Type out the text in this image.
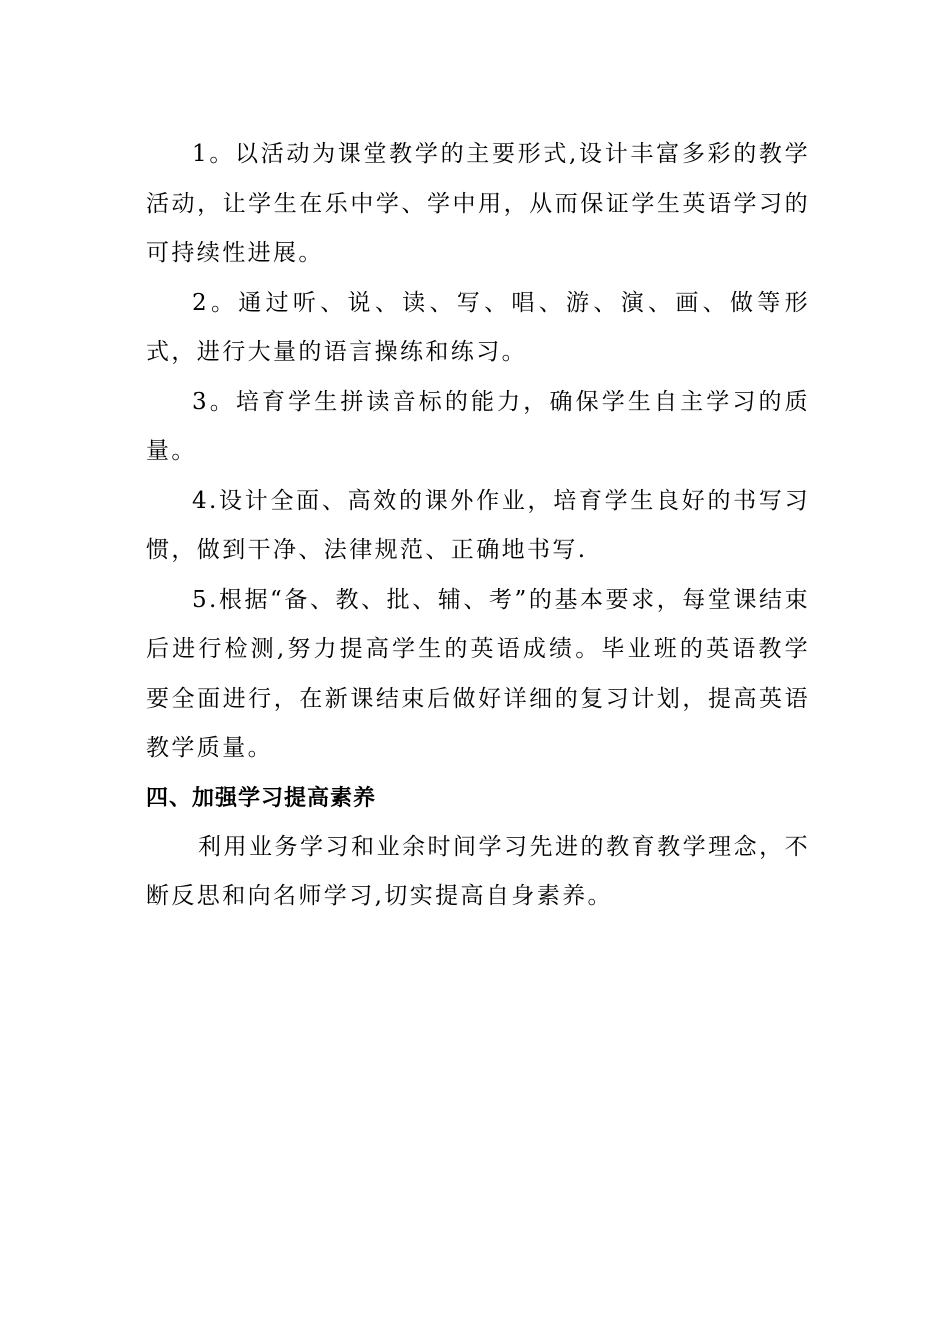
1。以活动为课堂教学的主要形式,设计丰富多彩的教学活动，让学生在乐中学、学中用，从而保证学生英语学习的可持续性进展。

2。通过听、说、读、写、唱、游、演、画、做等形式，进行大量的语言操练和练习。

3。培育学生拼读音标的能力，确保学生自主学习的质量。

4.设计全面、高效的课外作业，培育学生良好的书写习惯，做到干净、法律规范、正确地书写.

5.根据“备、教、批、辅、考”的基本要求，每堂课结束后进行检测,努力提高学生的英语成绩。毕业班的英语教学要全面进行，在新课结束后做好详细的复习计划，提高英语教学质量。

四、加强学习提高素养

利用业务学习和业余时间学习先进的教育教学理念，不断反思和向名师学习,切实提高自身素养。
